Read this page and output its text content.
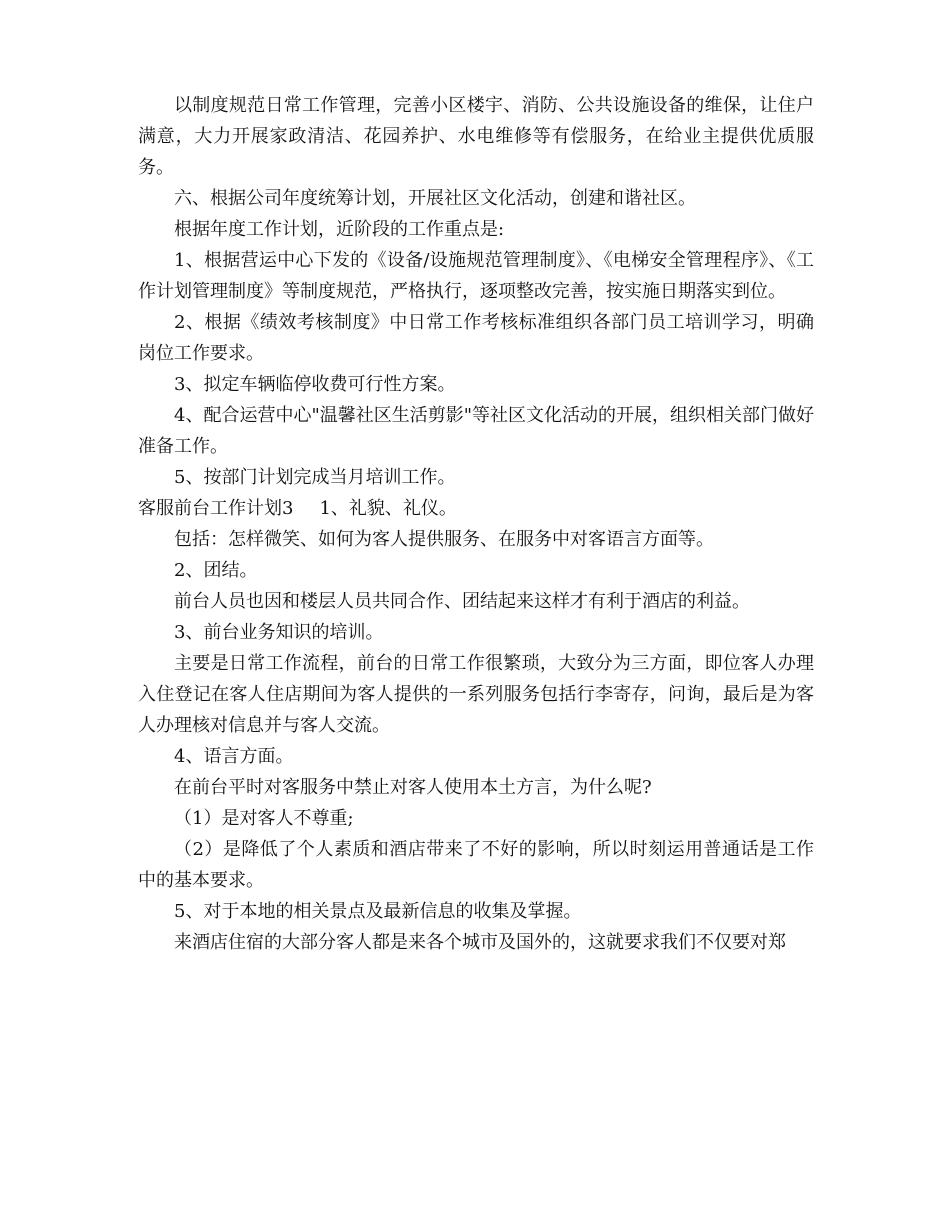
以制度规范日常工作管理，完善小区楼宇、消防、公共设施设备的维保，让住户满意，大力开展家政清洁、花园养护、水电维修等有偿服务，在给业主提供优质服务。

六、根据公司年度统筹计划，开展社区文化活动，创建和谐社区。

根据年度工作计划，近阶段的工作重点是:

1、根据营运中心下发的《设备/设施规范管理制度》、《电梯安全管理程序》、《工作计划管理制度》等制度规范，严格执行，逐项整改完善，按实施日期落实到位。

2、根据《绩效考核制度》中日常工作考核标准组织各部门员工培训学习，明确岗位工作要求。

3、拟定车辆临停收费可行性方案。

4、配合运营中心"温馨社区生活剪影"等社区文化活动的开展，组织相关部门做好准备工作。

5、按部门计划完成当月培训工作。

客服前台工作计划3 1、礼貌、礼仪。

包括：怎样微笑、如何为客人提供服务、在服务中对客语言方面等。

2、团结。

前台人员也因和楼层人员共同合作、团结起来这样才有利于酒店的利益。

3、前台业务知识的培训。

主要是日常工作流程，前台的日常工作很繁琐，大致分为三方面，即位客人办理入住登记在客人住店期间为客人提供的一系列服务包括行李寄存，问询，最后是为客人办理核对信息并与客人交流。

4、语言方面。

在前台平时对客服务中禁止对客人使用本土方言，为什么呢?

（1）是对客人不尊重;

（2）是降低了个人素质和酒店带来了不好的影响，所以时刻运用普通话是工作中的基本要求。

5、对于本地的相关景点及最新信息的收集及掌握。

来酒店住宿的大部分客人都是来各个城市及国外的，这就要求我们不仅要对郑
